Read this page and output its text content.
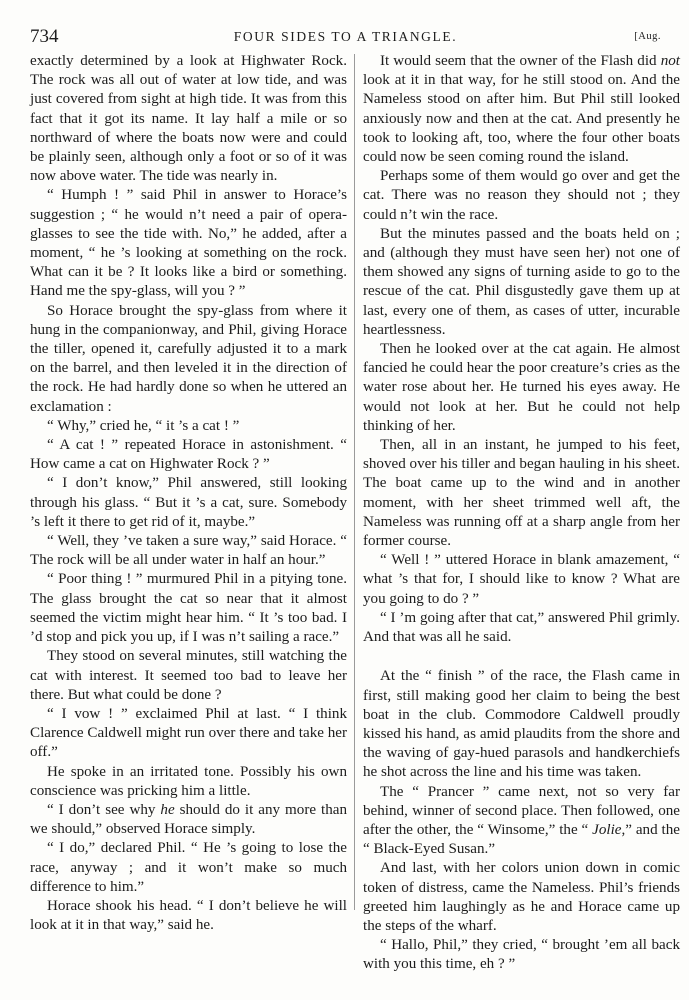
734	FOUR SIDES TO A TRIANGLE.	[Aug.

exactly determined by a look at Highwater Rock. The rock was all out of water at low tide, and was just covered from sight at high tide. It was from this fact that it got its name. It lay half a mile or so northward of where the boats now were and could be plainly seen, although only a foot or so of it was now above water. The tide was nearly in.

“ Humph ! ” said Phil in answer to Horace’s suggestion ; “ he would n’t need a pair of opera-glasses to see the tide with. No,” he added, after a moment, “ he ’s looking at something on the rock. What can it be ? It looks like a bird or something. Hand me the spy-glass, will you ? ”

So Horace brought the spy-glass from where it hung in the companionway, and Phil, giving Horace the tiller, opened it, carefully adjusted it to a mark on the barrel, and then leveled it in the direction of the rock. He had hardly done so when he uttered an exclamation :

“ Why,” cried he, “ it ’s a cat ! ”

“ A cat ! ” repeated Horace in astonishment. “ How came a cat on Highwater Rock ? ”

“ I don’t know,” Phil answered, still looking through his glass. “ But it ’s a cat, sure. Somebody ’s left it there to get rid of it, maybe.”

“ Well, they ’ve taken a sure way,” said Horace. “ The rock will be all under water in half an hour.”

“ Poor thing ! ” murmured Phil in a pitying tone. The glass brought the cat so near that it almost seemed the victim might hear him. “ It ’s too bad. I ’d stop and pick you up, if I was n’t sailing a race.”

They stood on several minutes, still watching the cat with interest. It seemed too bad to leave her there. But what could be done ?

“ I vow ! ” exclaimed Phil at last. “ I think Clarence Caldwell might run over there and take her off.”

He spoke in an irritated tone. Possibly his own conscience was pricking him a little.

“ I don’t see why he should do it any more than we should,” observed Horace simply.

“ I do,” declared Phil. “ He ’s going to lose the race, anyway ; and it won’t make so much difference to him.”

Horace shook his head. “ I don’t believe he will look at it in that way,” said he.

It would seem that the owner of the Flash did not look at it in that way, for he still stood on. And the Nameless stood on after him. But Phil still looked anxiously now and then at the cat. And presently he took to looking aft, too, where the four other boats could now be seen coming round the island.

Perhaps some of them would go over and get the cat. There was no reason they should not ; they could n’t win the race.

But the minutes passed and the boats held on ; and (although they must have seen her) not one of them showed any signs of turning aside to go to the rescue of the cat. Phil disgustedly gave them up at last, every one of them, as cases of utter, incurable heartlessness.

Then he looked over at the cat again. He almost fancied he could hear the poor creature’s cries as the water rose about her. He turned his eyes away. He would not look at her. But he could not help thinking of her.

Then, all in an instant, he jumped to his feet, shoved over his tiller and began hauling in his sheet. The boat came up to the wind and in another moment, with her sheet trimmed well aft, the Nameless was running off at a sharp angle from her former course.

“ Well ! ” uttered Horace in blank amazement, “ what ’s that for, I should like to know ? What are you going to do ? ”

“ I ’m going after that cat,” answered Phil grimly. And that was all he said.

At the “ finish ” of the race, the Flash came in first, still making good her claim to being the best boat in the club. Commodore Caldwell proudly kissed his hand, as amid plaudits from the shore and the waving of gay-hued parasols and handkerchiefs he shot across the line and his time was taken.

The “ Prancer ” came next, not so very far behind, winner of second place. Then followed, one after the other, the “ Winsome,” the “ Jolie,” and the “ Black-Eyed Susan.”

And last, with her colors union down in comic token of distress, came the Nameless. Phil’s friends greeted him laughingly as he and Horace came up the steps of the wharf.

“ Hallo, Phil,” they cried, “ brought ’em all back with you this time, eh ? ”
